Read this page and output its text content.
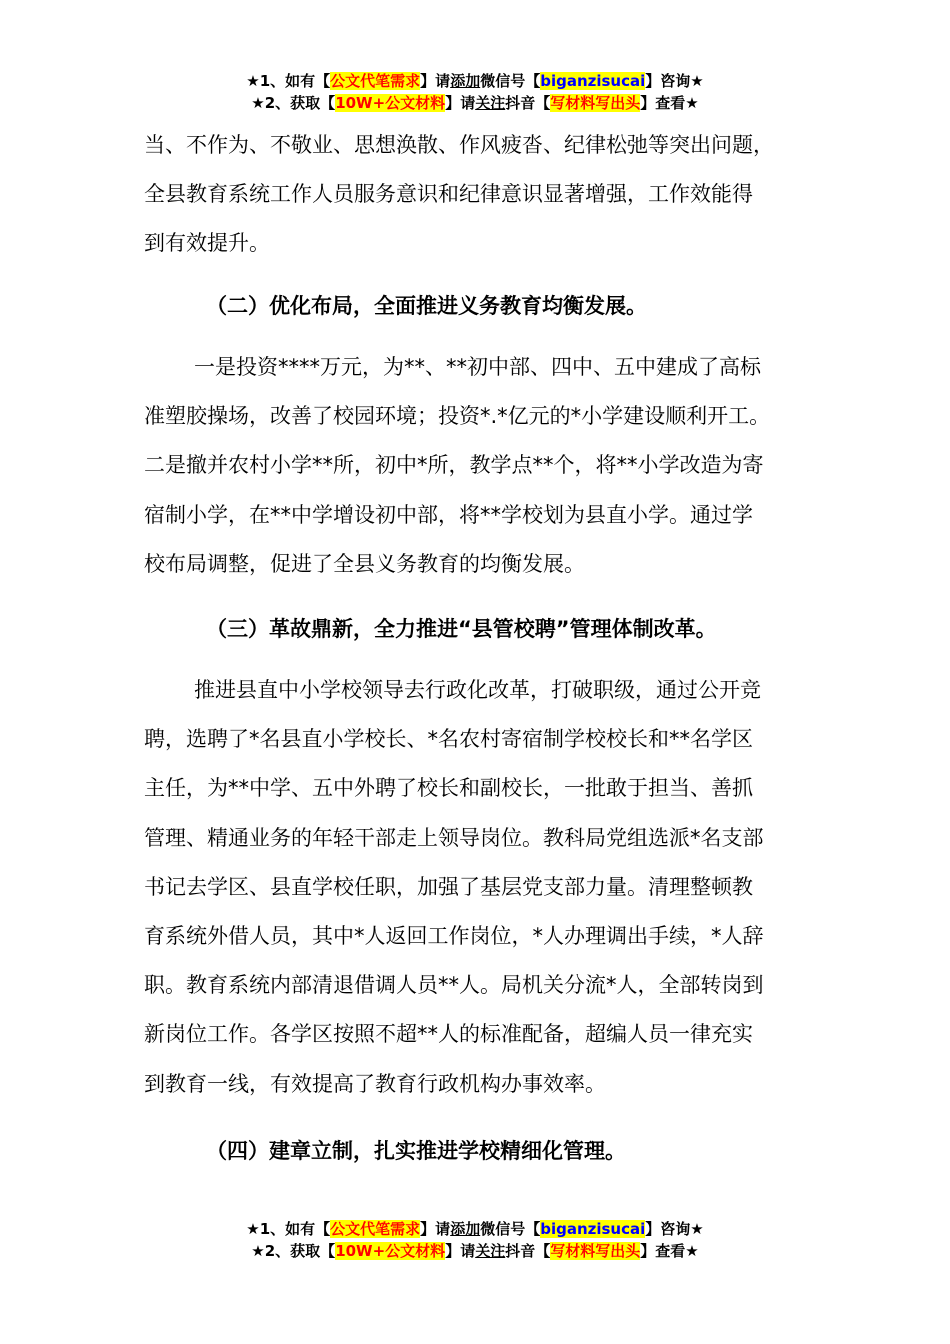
★1、如有【公文代笔需求】请添加微信号【biganzisucai】咨询★
★2、获取【10W+公文材料】请关注抖音【写材料写出头】查看★

当、不作为、不敬业、思想涣散、作风疲沓、纪律松弛等突出问题，

全县教育系统工作人员服务意识和纪律意识显著增强，工作效能得

到有效提升。

（二）优化布局，全面推进义务教育均衡发展。

一是投资****万元，为**、**初中部、四中、五中建成了高标

准塑胶操场，改善了校园环境；投资*.*亿元的*小学建设顺利开工。

二是撤并农村小学**所，初中*所，教学点**个，将**小学改造为寄

宿制小学，在**中学增设初中部，将**学校划为县直小学。通过学

校布局调整，促进了全县义务教育的均衡发展。

（三）革故鼎新，全力推进“县管校聘”管理体制改革。

推进县直中小学校领导去行政化改革，打破职级，通过公开竞

聘，选聘了*名县直小学校长、*名农村寄宿制学校校长和**名学区

主任，为**中学、五中外聘了校长和副校长，一批敢于担当、善抓

管理、精通业务的年轻干部走上领导岗位。教科局党组选派*名支部

书记去学区、县直学校任职，加强了基层党支部力量。清理整顿教

育系统外借人员，其中*人返回工作岗位，*人办理调出手续，*人辞

职。教育系统内部清退借调人员**人。局机关分流*人，全部转岗到

新岗位工作。各学区按照不超**人的标准配备，超编人员一律充实

到教育一线，有效提高了教育行政机构办事效率。

（四）建章立制，扎实推进学校精细化管理。

★1、如有【公文代笔需求】请添加微信号【biganzisucai】咨询★
★2、获取【10W+公文材料】请关注抖音【写材料写出头】查看★
